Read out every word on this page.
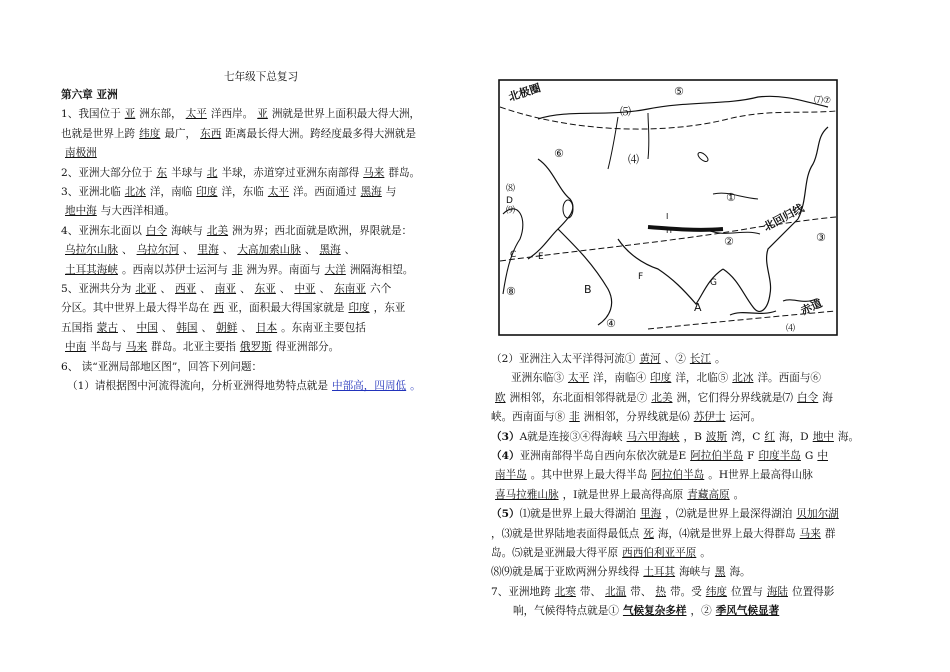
七年级下总复习
第六章 亚洲
1、我国位于 亚 洲东部， 太平 洋西岸。 亚 洲就是世界上面积最大得大洲，
也就是世界上跨 纬度 最广， 东西 距离最长得大洲。跨经度最多得大洲就是
南极洲
2、亚洲大部分位于 东 半球与 北 半球，赤道穿过亚洲东南部得 马来 群岛。
3、亚洲北临 北冰 洋，南临 印度 洋，东临 太平 洋。西面通过 黑海 与
地中海 与大西洋相通。
4、亚洲东北面以 白令 海峡与 北美 洲为界；西北面就是欧洲，界限就是：
乌拉尔山脉 、 乌拉尔河 、 里海 、 大高加索山脉 、 黑海 、
土耳其海峡 。西南以苏伊士运河与 非 洲为界。南面与 大洋 洲隔海相望。
5、亚洲共分为 北亚 、 西亚 、 南亚 、 东亚 、 中亚 、 东南亚 六个
分区。其中世界上最大得半岛在 西 亚，面积最大得国家就是 印度 ，东亚
五国指 蒙古 、 中国 、 韩国 、 朝鲜 、 日本 。东南亚主要包括
中南 半岛与 马来 群岛。北亚主要指 俄罗斯 得亚洲部分。
6、 读“亚洲局部地区图”，回答下列问题：
（1）请根据图中河流得流向，分析亚洲得地势特点就是 中部高，四周低 。
北极圈
北回归线
赤道
⑤
⑺ ⑦
⑸
⑥	⑷
⑻
D
⑼
①
②	③
④
⑧
I
H
E
C
B
F
G
A
⑷
（2）亚洲注入太平洋得河流① 黄河 、② 长江 。
亚洲东临③ 太平 洋，南临④ 印度 洋，北临⑤ 北冰 洋。西面与⑥
欧 洲相邻，东北面相邻得就是⑦ 北美 洲，它们得分界线就是⑺ 白令 海
峡。西南面与⑧ 非 洲相邻，分界线就是⑹ 苏伊士 运河。
（3）A就是连接③④得海峡 马六甲海峡 ，B 波斯 湾，C 红 海，D 地中 海。
（4）亚洲南部得半岛自西向东依次就是E 阿拉伯半岛 F 印度半岛 G 中
南半岛 。其中世界上最大得半岛 阿拉伯半岛 。H世界上最高得山脉
喜马拉雅山脉 ，I就是世界上最高得高原 青藏高原 。
（5）⑴就是世界上最大得湖泊 里海 ，⑵就是世界上最深得湖泊 贝加尔湖
，⑶就是世界陆地表面得最低点 死 海，⑷就是世界上最大得群岛 马来 群
岛。⑸就是亚洲最大得平原 西西伯利亚平原 。
⑻⑼就是属于亚欧两洲分界线得 土耳其 海峡与 黑 海。
7、亚洲地跨 北寒 带、 北温 带、 热 带。受 纬度 位置与 海陆 位置得影
响，气候得特点就是① 气候复杂多样 ，② 季风气候显著
